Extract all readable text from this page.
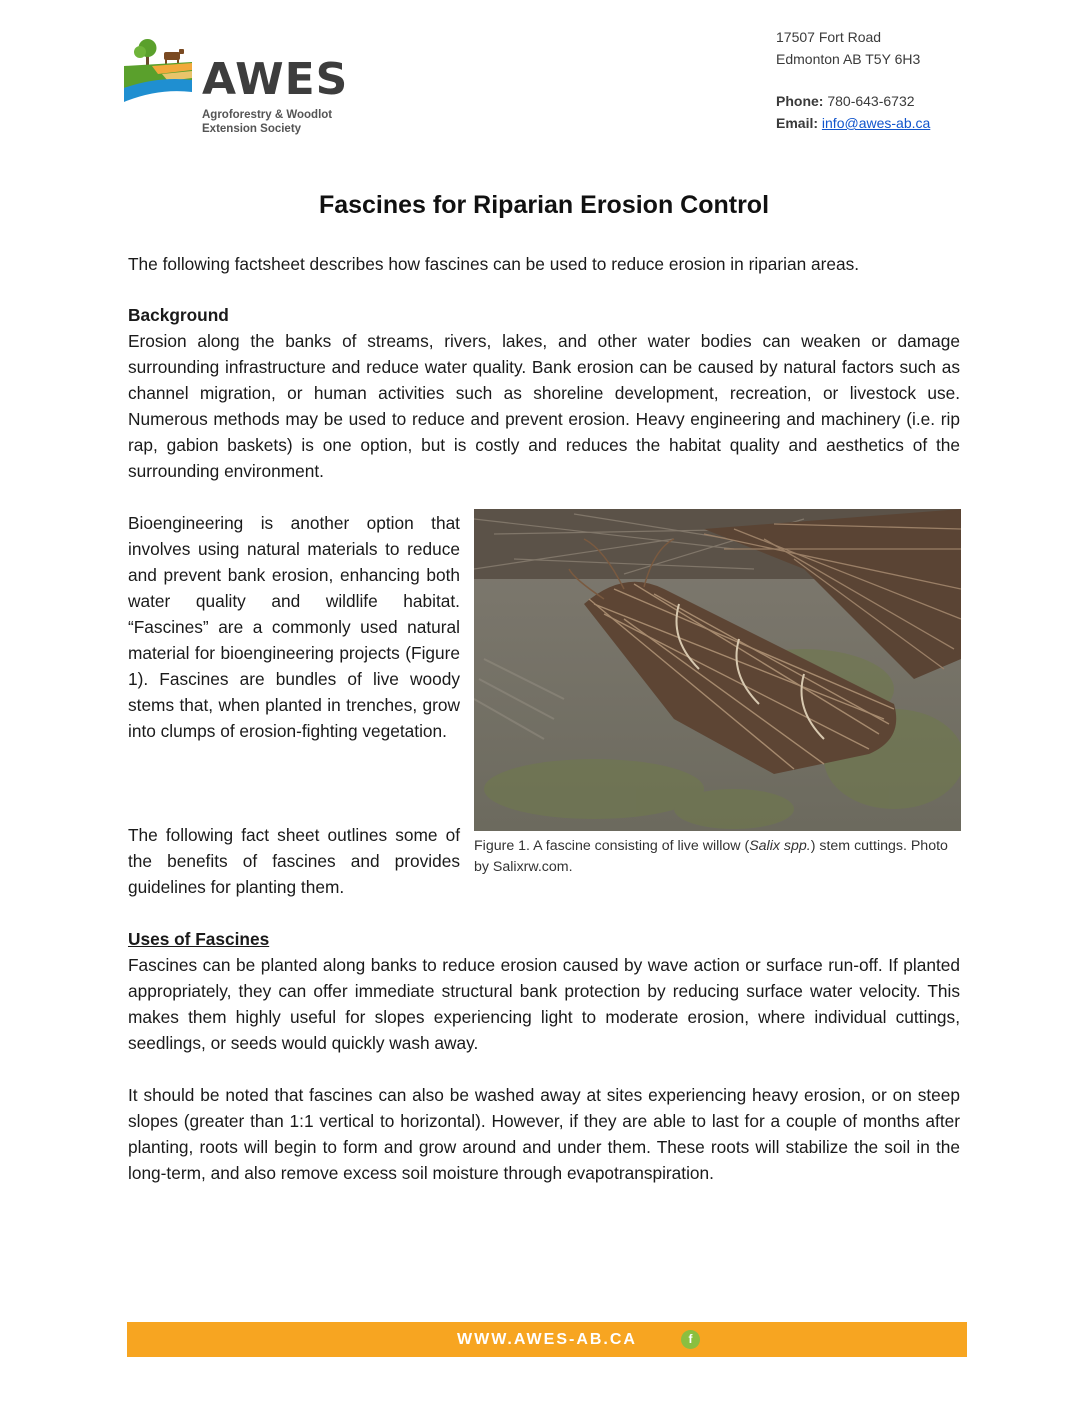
AWES
Agroforestry & Woodlot
Extension Society
17507 Fort Road
Edmonton AB T5Y 6H3
Phone: 780-643-6732
Email: info@awes-ab.ca
Fascines for Riparian Erosion Control

The following factsheet describes how fascines can be used to reduce erosion in riparian areas.

Background

Erosion along the banks of streams, rivers, lakes, and other water bodies can weaken or damage surrounding infrastructure and reduce water quality. Bank erosion can be caused by natural factors such as channel migration, or human activities such as shoreline development, recreation, or livestock use. Numerous methods may be used to reduce and prevent erosion. Heavy engineering and machinery (i.e. rip rap, gabion baskets) is one option, but is costly and reduces the habitat quality and aesthetics of the surrounding environment.

Bioengineering is another option that involves using natural materials to reduce and prevent bank erosion, enhancing both water quality and wildlife habitat. “Fascines” are a commonly used natural material for bioengineering projects (Figure 1). Fascines are bundles of live woody stems that, when planted in trenches, grow into clumps of erosion-fighting vegetation.

The following fact sheet outlines some of the benefits of fascines and provides guidelines for planting them.

Figure 1. A fascine consisting of live willow (Salix spp.) stem cuttings. Photo by Salixrw.com.
Uses of Fascines

Fascines can be planted along banks to reduce erosion caused by wave action or surface run-off. If planted appropriately, they can offer immediate structural bank protection by reducing surface water velocity. This makes them highly useful for slopes experiencing light to moderate erosion, where individual cuttings, seedlings, or seeds would quickly wash away.

It should be noted that fascines can also be washed away at sites experiencing heavy erosion, or on steep slopes (greater than 1:1 vertical to horizontal). However, if they are able to last for a couple of months after planting, roots will begin to form and grow around and under them. These roots will stabilize the soil in the long-term, and also remove excess soil moisture through evapotranspiration.

WWW.AWES-AB.CA	f
